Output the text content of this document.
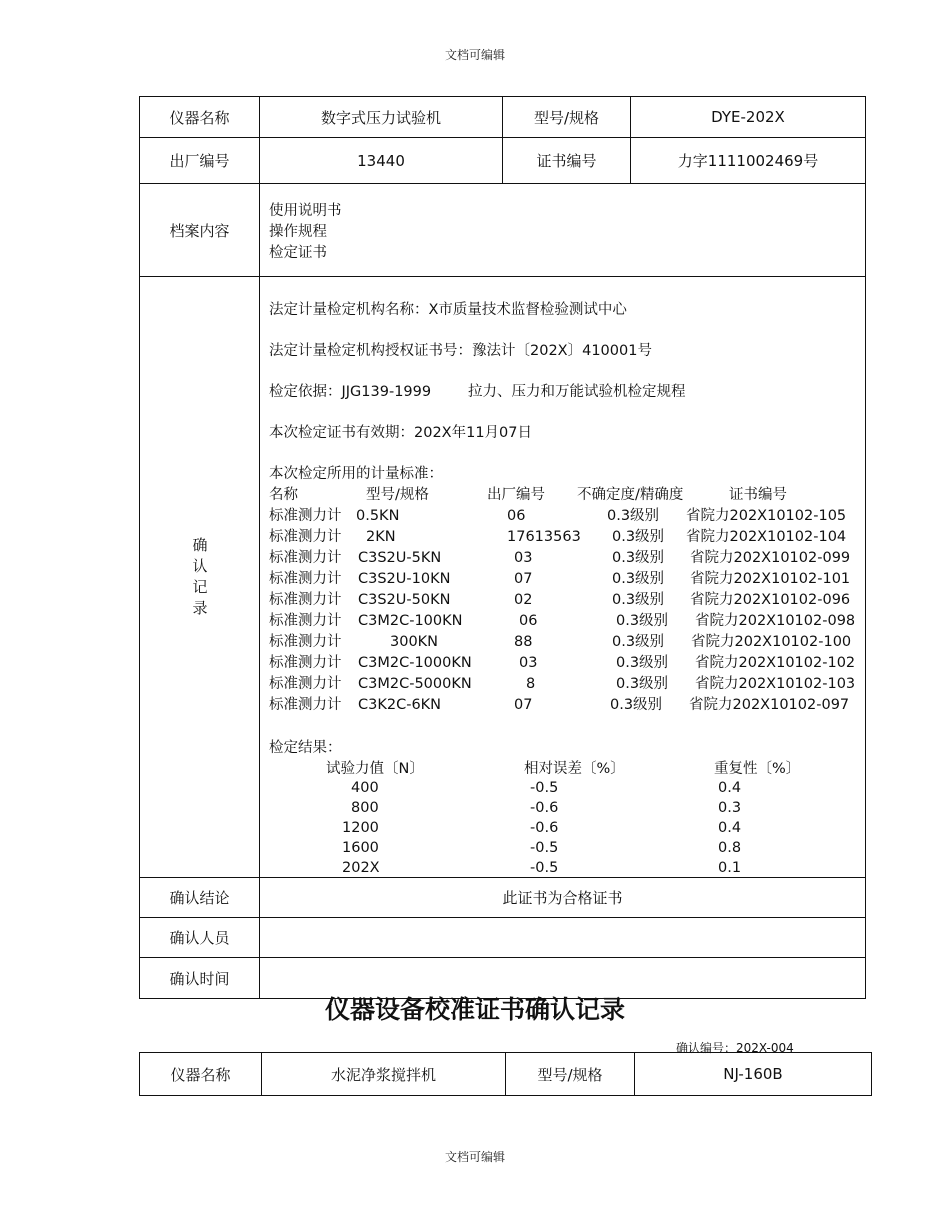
文档可编辑
仪器名称	数字式压力试验机	型号/规格	DYE-202X
出厂编号	13440	证书编号	力字1111002469号
档案内容
使用说明书
操作规程
检定证书
确
认
记
录
法定计量检定机构名称：X市质量技术监督检验测试中心
法定计量检定机构授权证书号：豫法计〔202X〕410001号
检定依据：JJG139-1999	拉力、压力和万能试验机检定规程
本次检定证书有效期：202X年11月07日
本次检定所用的计量标准：
名称	型号/规格	出厂编号 不确定度/精确度	证书编号
标准测力计 0.5KN	06	0.3级别 省院力202X10102-105
标准测力计 2KN	17613563 0.3级别 省院力202X10102-104
标准测力计 C3S2U-5KN	03	0.3级别 省院力202X10102-099
标准测力计 C3S2U-10KN	07	0.3级别 省院力202X10102-101
标准测力计 C3S2U-50KN	02	0.3级别 省院力202X10102-096
标准测力计 C3M2C-100KN	06	0.3级别 省院力202X10102-098
标准测力计	300KN	88	0.3级别 省院力202X10102-100
标准测力计 C3M2C-1000KN	03	0.3级别 省院力202X10102-102
标准测力计 C3M2C-5000KN	8	0.3级别 省院力202X10102-103
标准测力计 C3K2C-6KN	07	0.3级别 省院力202X10102-097
检定结果：
试验力值〔N〕	相对误差〔%〕	重复性〔%〕
400	-0.5	0.4
800	-0.6	0.3
1200	-0.6	0.4
1600	-0.5	0.8
202X	-0.5	0.1
确认结论	此证书为合格证书
确认人员
确认时间
仪器设备校准证书确认记录
确认编号：202X-004
仪器名称	水泥净浆搅拌机	型号/规格	NJ-160B
文档可编辑
